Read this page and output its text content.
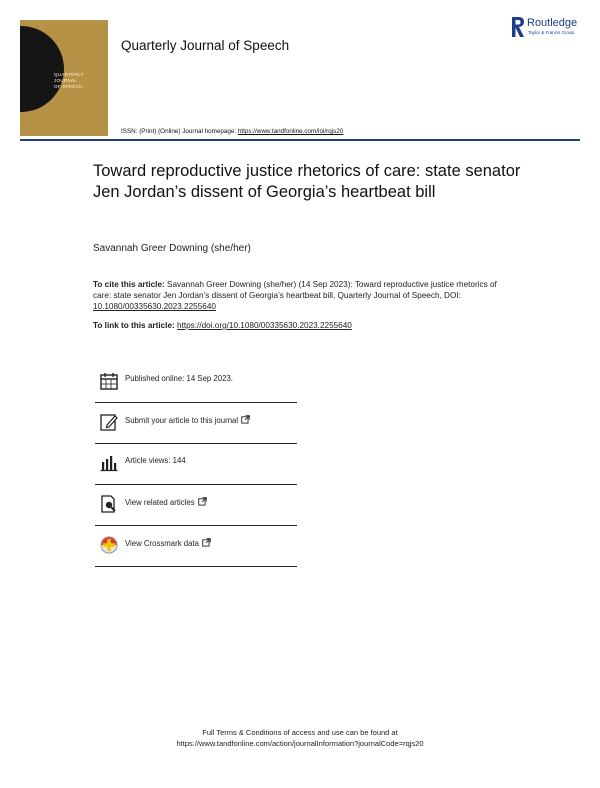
QUARTERLY
JOURNAL
OF SPEECH
Quarterly Journal of Speech
Routledge
Taylor & Francis Group
ISSN: (Print) (Online) Journal homepage: https://www.tandfonline.com/loi/rqjs20
Toward reproductive justice rhetorics of care: state senator Jen Jordan’s dissent of Georgia’s heartbeat bill
Savannah Greer Downing (she/her)
To cite this article: Savannah Greer Downing (she/her) (14 Sep 2023): Toward reproductive justice rhetorics of care: state senator Jen Jordan’s dissent of Georgia’s heartbeat bill, Quarterly Journal of Speech, DOI: 10.1080/00335630.2023.2255640
To link to this article: https://doi.org/10.1080/00335630.2023.2255640
Published online: 14 Sep 2023.
Submit your article to this journal
Article views: 144
View related articles
View Crossmark data
Full Terms & Conditions of access and use can be found at
https://www.tandfonline.com/action/journalInformation?journalCode=rqjs20
